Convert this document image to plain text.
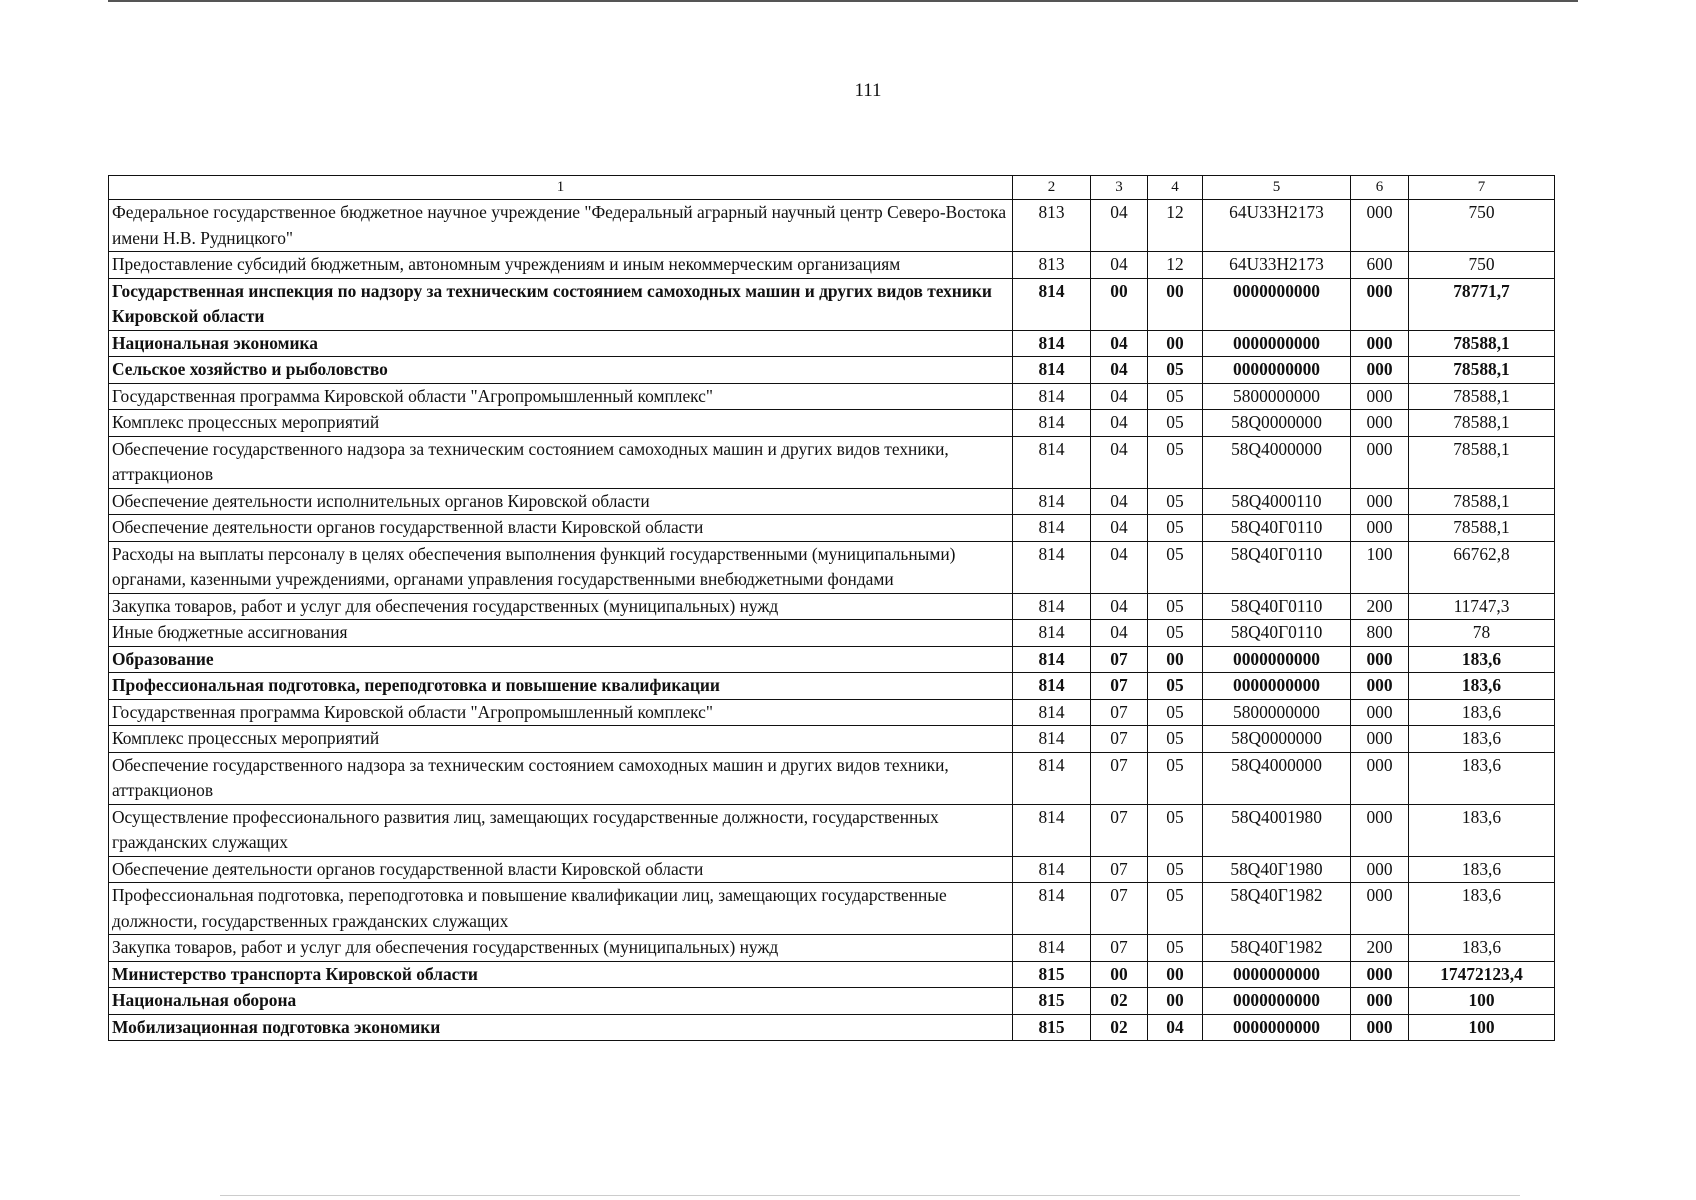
111
1	2	3	4	5	6	7
Федеральное государственное бюджетное научное учреждение "Федеральный аграрный научный центр Северо-Востока имени Н.В. Рудницкого"	813	04	12	64U33H2173	000	750
Предоставление субсидий бюджетным, автономным учреждениям и иным некоммерческим организациям	813	04	12	64U33H2173	600	750
Государственная инспекция по надзору за техническим состоянием самоходных машин и других видов техники Кировской области	814	00	00	0000000000	000	78771,7
Национальная экономика	814	04	00	0000000000	000	78588,1
Сельское хозяйство и рыболовство	814	04	05	0000000000	000	78588,1
Государственная программа Кировской области "Агропромышленный комплекс"	814	04	05	5800000000	000	78588,1
Комплекс процессных мероприятий	814	04	05	58Q0000000	000	78588,1
Обеспечение государственного надзора за техническим состоянием самоходных машин и других видов техники, аттракционов	814	04	05	58Q4000000	000	78588,1
Обеспечение деятельности исполнительных органов Кировской области	814	04	05	58Q4000110	000	78588,1
Обеспечение деятельности органов государственной власти Кировской области	814	04	05	58Q40Г0110	000	78588,1
Расходы на выплаты персоналу в целях обеспечения выполнения функций государственными (муниципальными) органами, казенными учреждениями, органами управления государственными внебюджетными фондами	814	04	05	58Q40Г0110	100	66762,8
Закупка товаров, работ и услуг для обеспечения государственных (муниципальных) нужд	814	04	05	58Q40Г0110	200	11747,3
Иные бюджетные ассигнования	814	04	05	58Q40Г0110	800	78
Образование	814	07	00	0000000000	000	183,6
Профессиональная подготовка, переподготовка и повышение квалификации	814	07	05	0000000000	000	183,6
Государственная программа Кировской области "Агропромышленный комплекс"	814	07	05	5800000000	000	183,6
Комплекс процессных мероприятий	814	07	05	58Q0000000	000	183,6
Обеспечение государственного надзора за техническим состоянием самоходных машин и других видов техники, аттракционов	814	07	05	58Q4000000	000	183,6
Осуществление профессионального развития лиц, замещающих государственные должности, государственных гражданских служащих	814	07	05	58Q4001980	000	183,6
Обеспечение деятельности органов государственной власти Кировской области	814	07	05	58Q40Г1980	000	183,6
Профессиональная подготовка, переподготовка и повышение квалификации лиц, замещающих государственные должности, государственных гражданских служащих	814	07	05	58Q40Г1982	000	183,6
Закупка товаров, работ и услуг для обеспечения государственных (муниципальных) нужд	814	07	05	58Q40Г1982	200	183,6
Министерство транспорта Кировской области	815	00	00	0000000000	000	17472123,4
Национальная оборона	815	02	00	0000000000	000	100
Мобилизационная подготовка экономики	815	02	04	0000000000	000	100
